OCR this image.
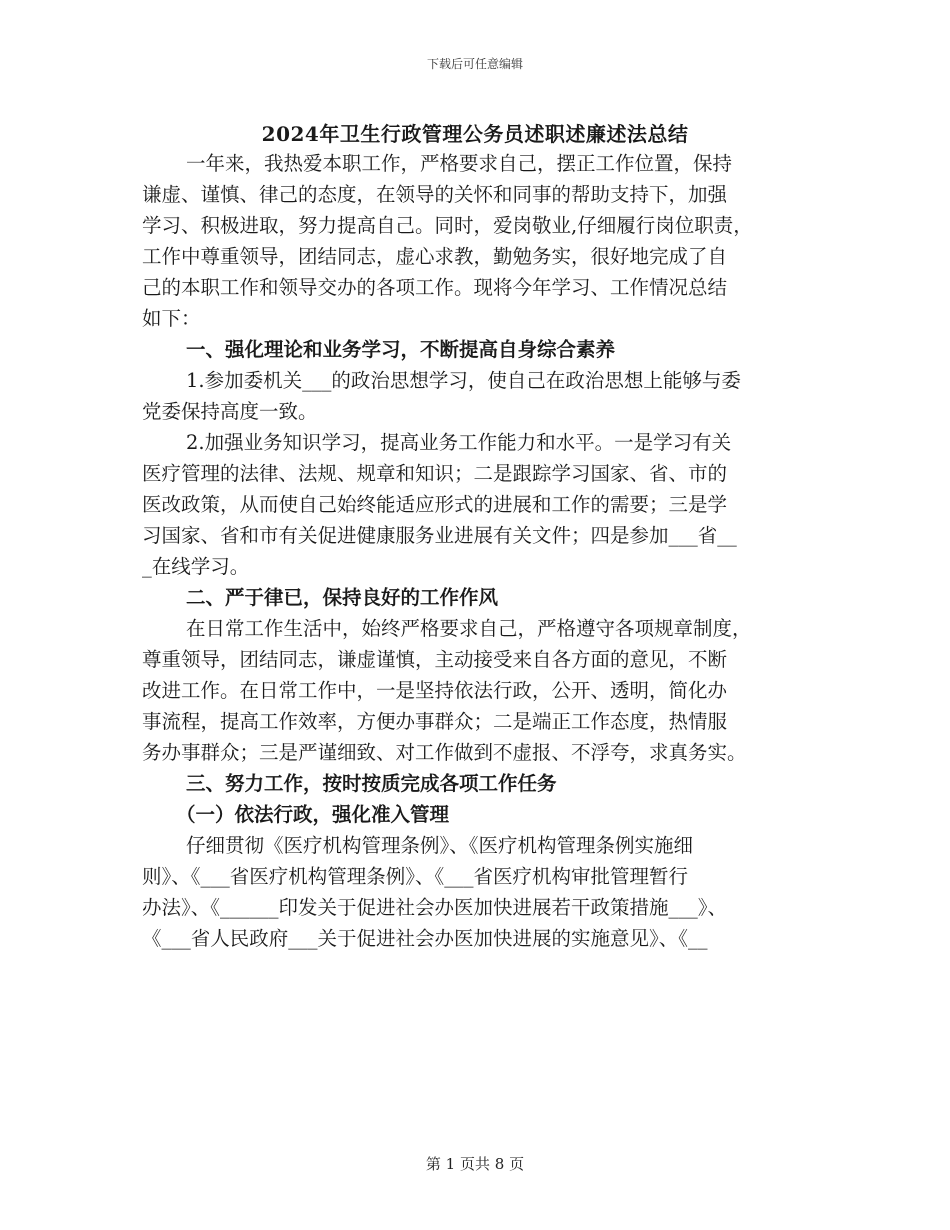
下载后可任意编辑
2024年卫生行政管理公务员述职述廉述法总结
一年来，我热爱本职工作，严格要求自己，摆正工作位置，保持
谦虚、谨慎、律己的态度，在领导的关怀和同事的帮助支持下，加强
学习、积极进取，努力提高自己。同时，爱岗敬业,仔细履行岗位职责，
工作中尊重领导，团结同志，虚心求教，勤勉务实，很好地完成了自
己的本职工作和领导交办的各项工作。现将今年学习、工作情况总结
如下：
一、强化理论和业务学习，不断提高自身综合素养
1.参加委机关___的政治思想学习，使自己在政治思想上能够与委
党委保持高度一致。
2.加强业务知识学习，提高业务工作能力和水平。一是学习有关
医疗管理的法律、法规、规章和知识；二是跟踪学习国家、省、市的
医改政策，从而使自己始终能适应形式的进展和工作的需要；三是学
习国家、省和市有关促进健康服务业进展有关文件；四是参加___省__
_在线学习。
二、严于律已，保持良好的工作作风
在日常工作生活中，始终严格要求自己，严格遵守各项规章制度，
尊重领导，团结同志，谦虚谨慎，主动接受来自各方面的意见，不断
改进工作。在日常工作中，一是坚持依法行政，公开、透明，简化办
事流程，提高工作效率，方便办事群众；二是端正工作态度，热情服
务办事群众；三是严谨细致、对工作做到不虚报、不浮夸，求真务实。
三、努力工作，按时按质完成各项工作任务
（一）依法行政，强化准入管理
仔细贯彻《医疗机构管理条例》、《医疗机构管理条例实施细
则》、《___省医疗机构管理条例》、《___省医疗机构审批管理暂行
办法》、《______印发关于促进社会办医加快进展若干政策措施___》、
《___省人民政府___关于促进社会办医加快进展的实施意见》、《__
第 1 页共 8 页
